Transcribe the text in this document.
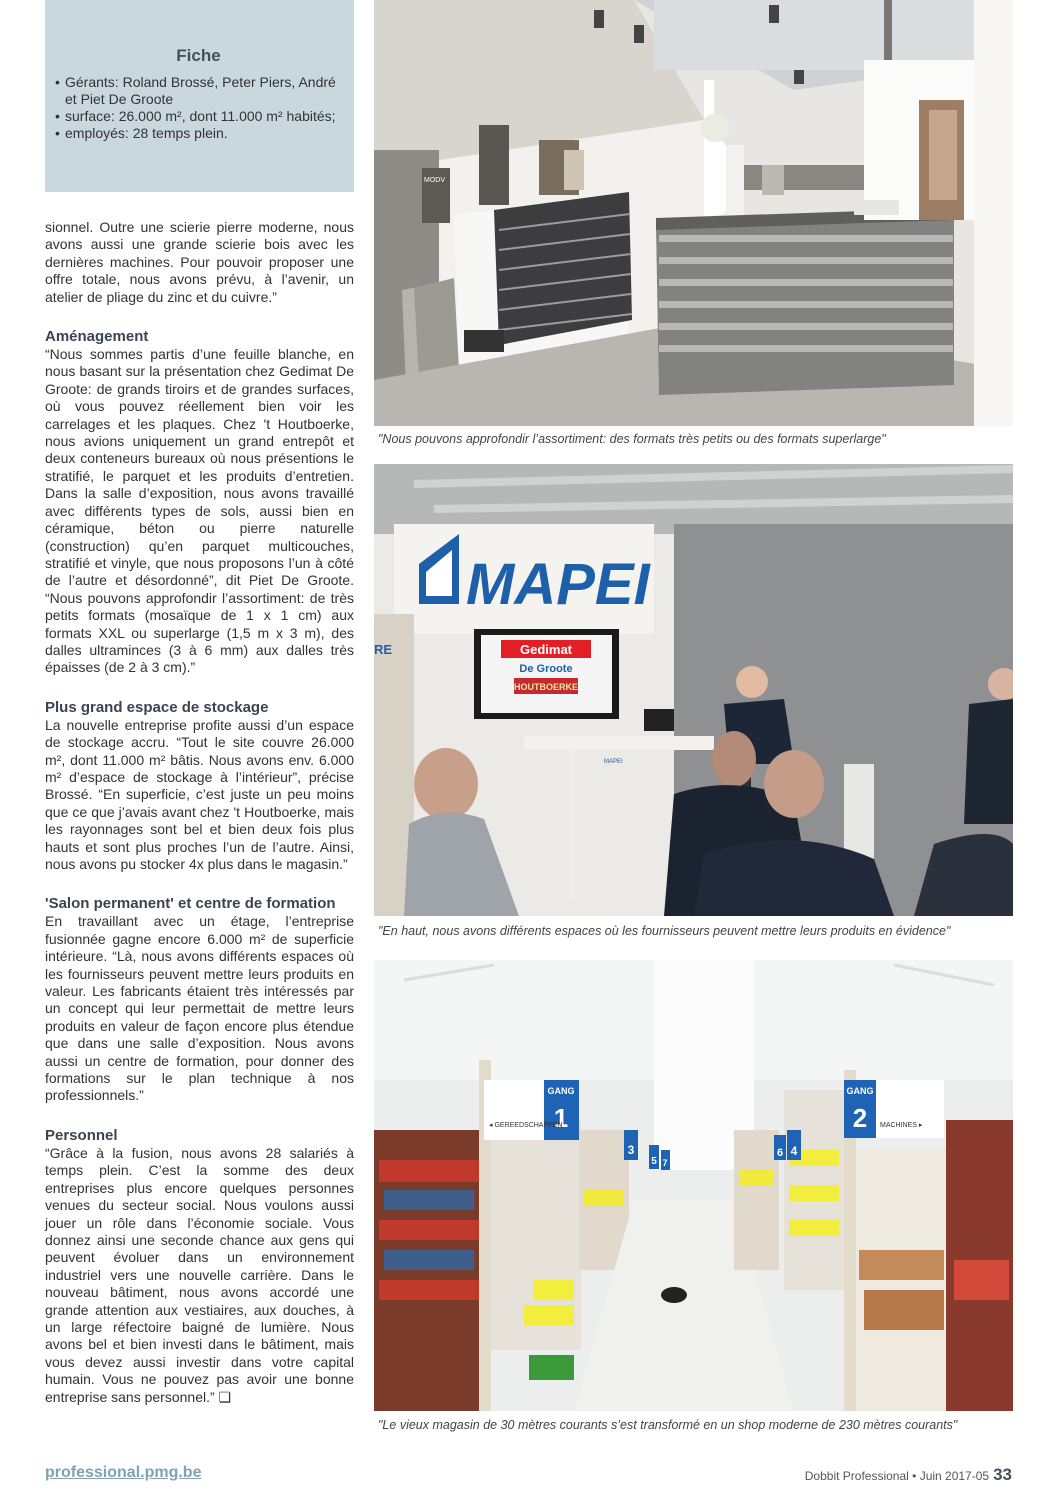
Fiche
• Gérants: Roland Brossé, Peter Piers, André et Piet De Groote
• surface: 26.000 m², dont 11.000 m² habités;
• employés: 28 temps plein.

sionnel. Outre une scierie pierre moderne, nous avons aussi une grande scierie bois avec les dernières machines. Pour pouvoir proposer une offre totale, nous avons prévu, à l’avenir, un atelier de pliage du zinc et du cuivre.”

Aménagement

“Nous sommes partis d’une feuille blanche, en nous basant sur la présentation chez Gedimat De Groote: de grands tiroirs et de grandes surfaces, où vous pouvez réellement bien voir les carrelages et les plaques. Chez 't Houtboerke, nous avions uniquement un grand entrepôt et deux conteneurs bureaux où nous présentions le stratifié, le parquet et les produits d’entretien. Dans la salle d’exposition, nous avons travaillé avec différents types de sols, aussi bien en céramique, béton ou pierre naturelle (construction) qu’en parquet multicouches, stratifié et vinyle, que nous proposons l’un à côté de l’autre et désordonné”, dit Piet De Groote. “Nous pouvons approfondir l’assortiment: de très petits formats (mosaïque de 1 x 1 cm) aux formats XXL ou superlarge (1,5 m x 3 m), des dalles ultraminces (3 à 6 mm) aux dalles très épaisses (de 2 à 3 cm).”

Plus grand espace de stockage

La nouvelle entreprise profite aussi d’un espace de stockage accru. “Tout le site couvre 26.000 m², dont 11.000 m² bâtis. Nous avons env. 6.000 m² d’espace de stockage à l’intérieur”, précise Brossé. “En superficie, c’est juste un peu moins que ce que j’avais avant chez 't Houtboerke, mais les rayonnages sont bel et bien deux fois plus hauts et sont plus proches l’un de l’autre. Ainsi, nous avons pu stocker 4x plus dans le magasin.”

'Salon permanent' et centre de formation

En travaillant avec un étage, l’entreprise fusionnée gagne encore 6.000 m² de superficie intérieure. “Là, nous avons différents espaces où les fournisseurs peuvent mettre leurs produits en valeur. Les fabricants étaient très intéressés par un concept qui leur permettait de mettre leurs produits en valeur de façon encore plus étendue que dans une salle d’exposition. Nous avons aussi un centre de formation, pour donner des formations sur le plan technique à nos professionnels.”

Personnel

“Grâce à la fusion, nous avons 28 salariés à temps plein. C’est la somme des deux entreprises plus encore quelques personnes venues du secteur social. Nous voulons aussi jouer un rôle dans l’économie sociale. Vous donnez ainsi une seconde chance aux gens qui peuvent évoluer dans un environnement industriel vers une nouvelle carrière. Dans le nouveau bâtiment, nous avons accordé une grande attention aux vestiaires, aux douches, à un large réfectoire baigné de lumière. Nous avons bel et bien investi dans le bâtiment, mais vous devez aussi investir dans votre capital humain. Vous ne pouvez pas avoir une bonne entreprise sans personnel.” ❏

MODV
"Nous pouvons approfondir l’assortiment: des formats très petits ou des formats superlarge"
MAPEI
RE	Gedimat
De Groote
HOUTBOERKE
MAPEI
"En haut, nous avons différents espaces où les fournisseurs peuvent mettre leurs produits en évidence"
GANG
1
◂ GEREEDSCHAPPEN
GANG
2 MACHINES ▸
3
5 7
6 4
"Le vieux magasin de 30 mètres courants s’est transformé en un shop moderne de 230 mètres courants"
professional.pmg.be	Dobbit Professional • Juin 2017-05 33
